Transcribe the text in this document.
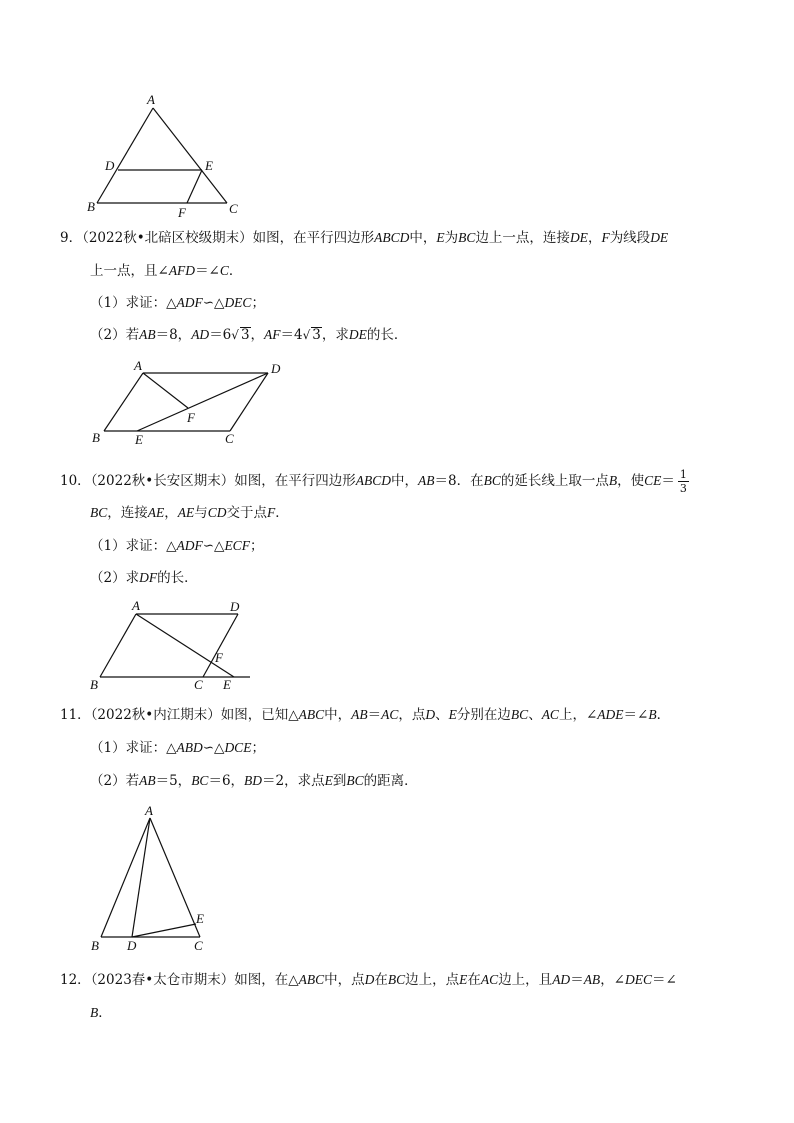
A
D	E
B	F	C
9．（2022秋•北碚区校级期末）如图，在平行四边形ABCD中，E为BC边上一点，连接DE，F为线段DE
上一点，且∠AFD＝∠C．
（1）求证：△ADF∽△DEC；
（2）若AB＝8，AD＝6√ 3，AF＝4√ 3，求DE的长．
A	D
F
B	E	C
10．（2022秋•长安区期末）如图，在平行四边形ABCD中，AB＝8．在BC的延长线上取一点B，使$CE= \frac{1}{3}$
BC，连接AE，AE与CD交于点F．
（1）求证：△ADF∽△ECF；
（2）求DF的长．
A	D
F
B	C E
11．（2022秋•内江期末）如图，已知△ABC中，AB＝AC，点D、E分别在边BC、AC上，∠ADE＝∠B．
（1）求证：△ABD∽△DCE；
（2）若AB＝5，BC＝6，BD＝2，求点E到BC的距离．
A
E
B D	C
12．（2023春•太仓市期末）如图，在△ABC中，点D在BC边上，点E在AC边上，且AD＝AB，∠DEC＝∠
B．
